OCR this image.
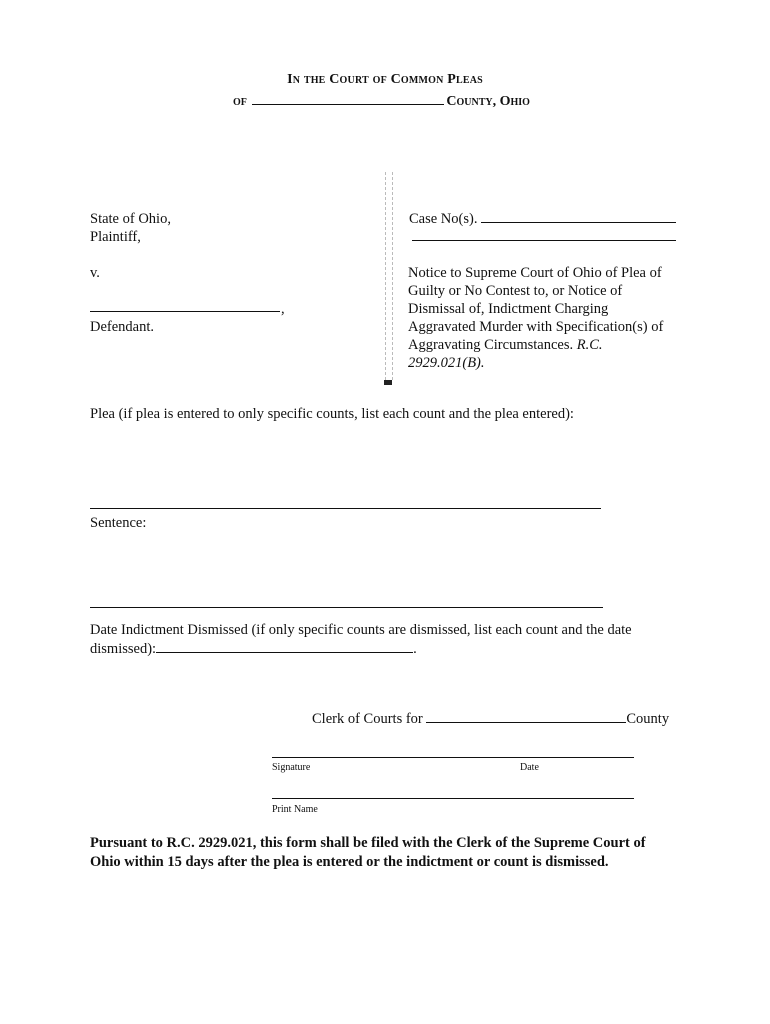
In the Court of Common Pleas
of	County, Ohio
State of Ohio,
Plaintiff,
v.
,
Defendant.
Case No(s).
Notice to Supreme Court of Ohio of Plea of
Guilty or No Contest to, or Notice of
Dismissal of, Indictment Charging
Aggravated Murder with Specification(s) of
Aggravating Circumstances. R.C.
2929.021(B).
Plea (if plea is entered to only specific counts, list each count and the plea entered):
Sentence:
Date Indictment Dismissed (if only specific counts are dismissed, list each count and the date
dismissed):	.
Clerk of Courts for	County
Signature	Date
Print Name
Pursuant to R.C. 2929.021, this form shall be filed with the Clerk of the Supreme Court of
Ohio within 15 days after the plea is entered or the indictment or count is dismissed.
